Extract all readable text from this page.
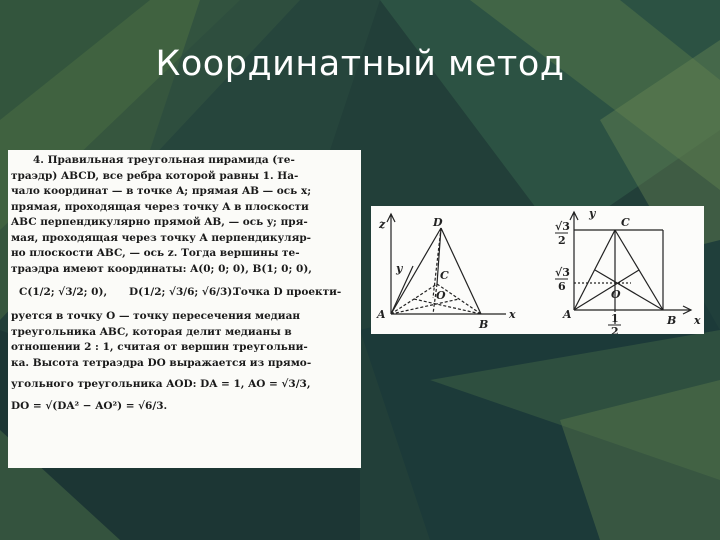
Координатный метод

4. Правильная треугольная пирамида (те-

траэдр) ABCD, все ребра которой равны 1. На-

чало координат — в точке A; прямая AB — ось x;

прямая, проходящая через точку A в плоскости

ABC перпендикулярно прямой AB, — ось y; пря-

мая, проходящая через точку A перпендикуляр-

но плоскости ABC, — ось z. Тогда вершины те-

траэдра имеют координаты: A(0; 0; 0), B(1; 0; 0),

C(1/2; √3/2; 0), D(1/2; √3/6; √6/3).
Точка D проекти-

руется в точку O — точку пересечения медиан

треугольника ABC, которая делит медианы в

отношении 2 : 1, считая от вершин треугольни-

ка. Высота тетраэдра DO выражается из прямо-

угольного треугольника AOD: DA = 1, AO = √3/3,

DO = √(DA² − AO²) = √6/3.

z
y
x
A
B
C
D
O
y
C
A	B x
O
√3
2
√3
6
1
2
